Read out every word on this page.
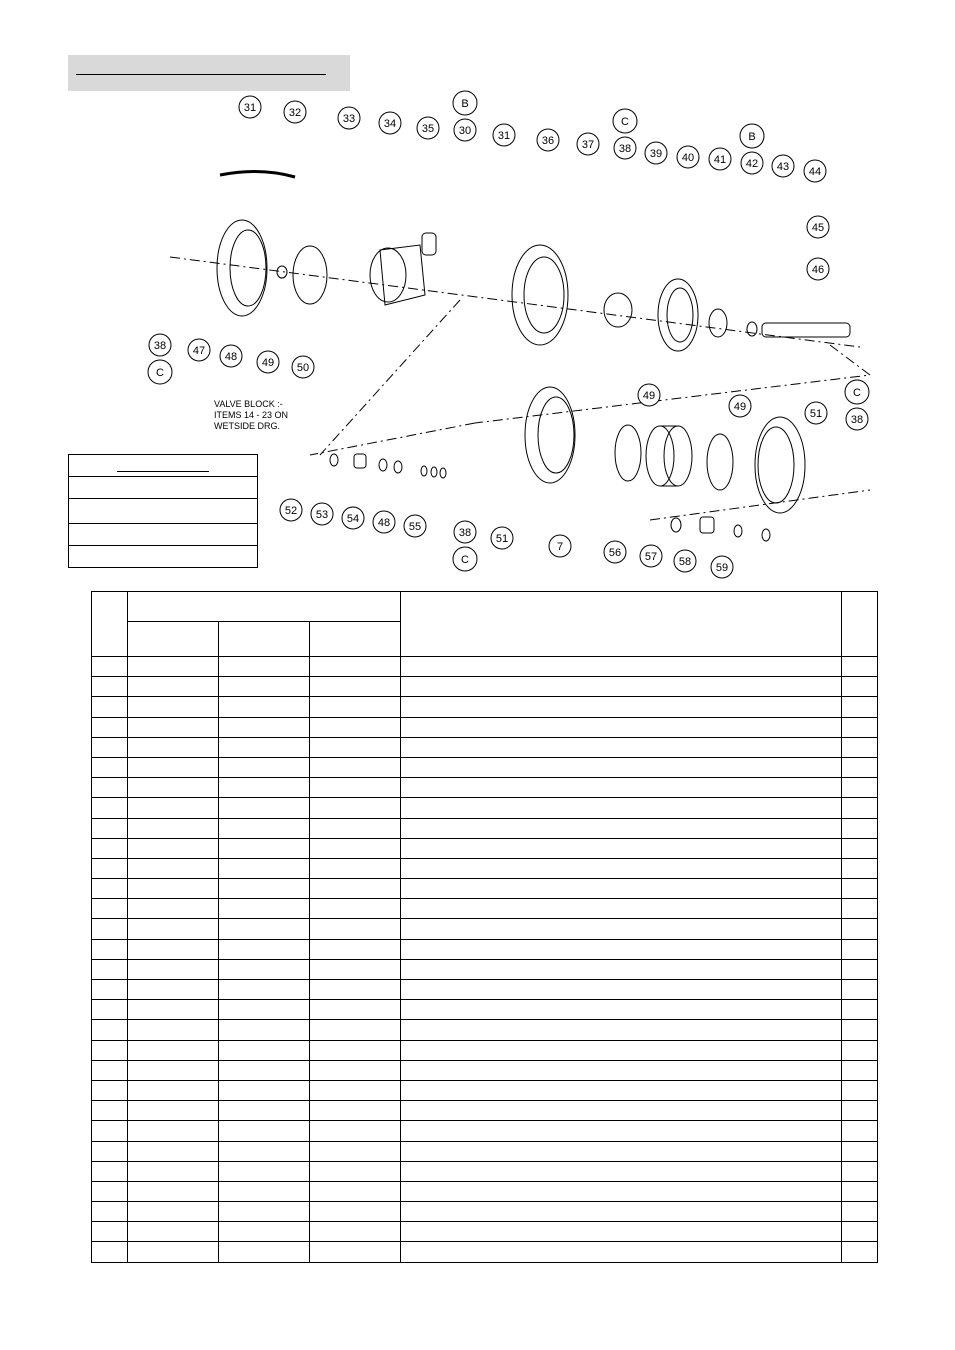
31	32	33	34 35 30 31	36	37 38 39 40 41 42 43 44
45
46
38 47 48 49 50
52 53 54 48 55	38 51
7	56 57 58 59
49
49
51	38
B
C
B
C
C
C
VALVE BLOCK :-
ITEMS 14 - 23 ON
WETSIDE DRG.
